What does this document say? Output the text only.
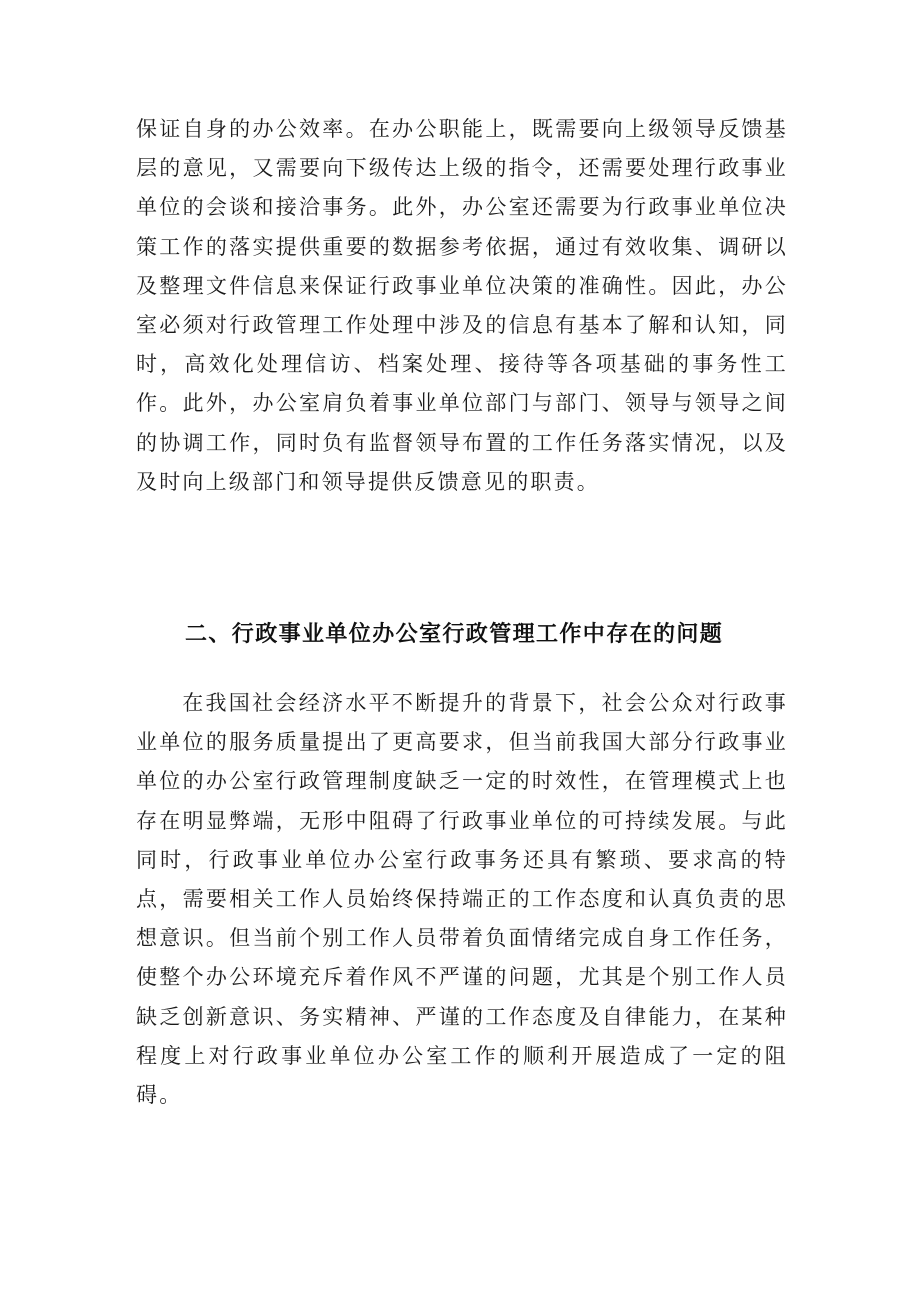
保证自身的办公效率。在办公职能上，既需要向上级领导反馈基层的意见，又需要向下级传达上级的指令，还需要处理行政事业单位的会谈和接洽事务。此外，办公室还需要为行政事业单位决策工作的落实提供重要的数据参考依据，通过有效收集、调研以及整理文件信息来保证行政事业单位决策的准确性。因此，办公室必须对行政管理工作处理中涉及的信息有基本了解和认知，同时，高效化处理信访、档案处理、接待等各项基础的事务性工作。此外，办公室肩负着事业单位部门与部门、领导与领导之间的协调工作，同时负有监督领导布置的工作任务落实情况，以及及时向上级部门和领导提供反馈意见的职责。

二、行政事业单位办公室行政管理工作中存在的问题

在我国社会经济水平不断提升的背景下，社会公众对行政事业单位的服务质量提出了更高要求，但当前我国大部分行政事业单位的办公室行政管理制度缺乏一定的时效性，在管理模式上也存在明显弊端，无形中阻碍了行政事业单位的可持续发展。与此同时，行政事业单位办公室行政事务还具有繁琐、要求高的特点，需要相关工作人员始终保持端正的工作态度和认真负责的思想意识。但当前个别工作人员带着负面情绪完成自身工作任务，使整个办公环境充斥着作风不严谨的问题，尤其是个别工作人员缺乏创新意识、务实精神、严谨的工作态度及自律能力，在某种程度上对行政事业单位办公室工作的顺利开展造成了一定的阻碍。
